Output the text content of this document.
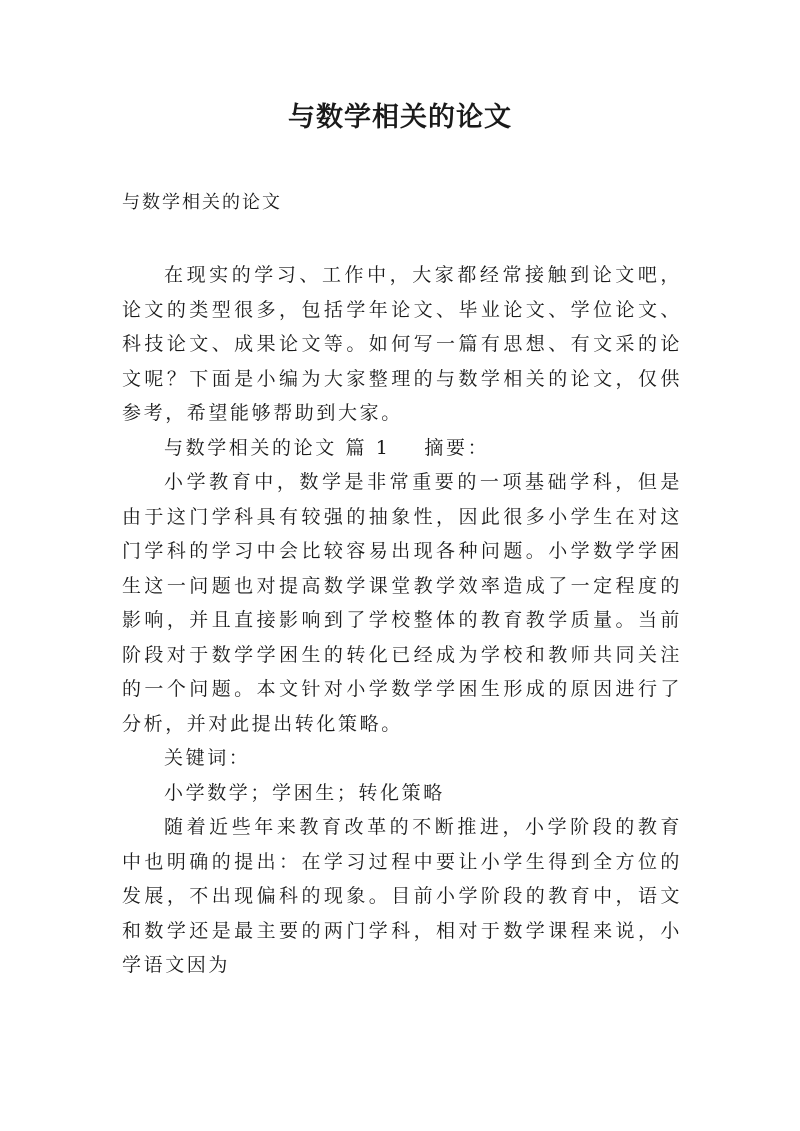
与数学相关的论文
与数学相关的论文

在现实的学习、工作中，大家都经常接触到论文吧，论文的类型很多，包括学年论文、毕业论文、学位论文、科技论文、成果论文等。如何写一篇有思想、有文采的论文呢？下面是小编为大家整理的与数学相关的论文，仅供参考，希望能够帮助到大家。

与数学相关的论文 篇 1 摘要：

小学教育中，数学是非常重要的一项基础学科，但是由于这门学科具有较强的抽象性，因此很多小学生在对这门学科的学习中会比较容易出现各种问题。小学数学学困生这一问题也对提高数学课堂教学效率造成了一定程度的影响，并且直接影响到了学校整体的教育教学质量。当前阶段对于数学学困生的转化已经成为学校和教师共同关注的一个问题。本文针对小学数学学困生形成的原因进行了分析，并对此提出转化策略。

关键词：

小学数学；学困生；转化策略

随着近些年来教育改革的不断推进，小学阶段的教育中也明确的提出：在学习过程中要让小学生得到全方位的发展，不出现偏科的现象。目前小学阶段的教育中，语文和数学还是最主要的两门学科，相对于数学课程来说，小学语文因为
